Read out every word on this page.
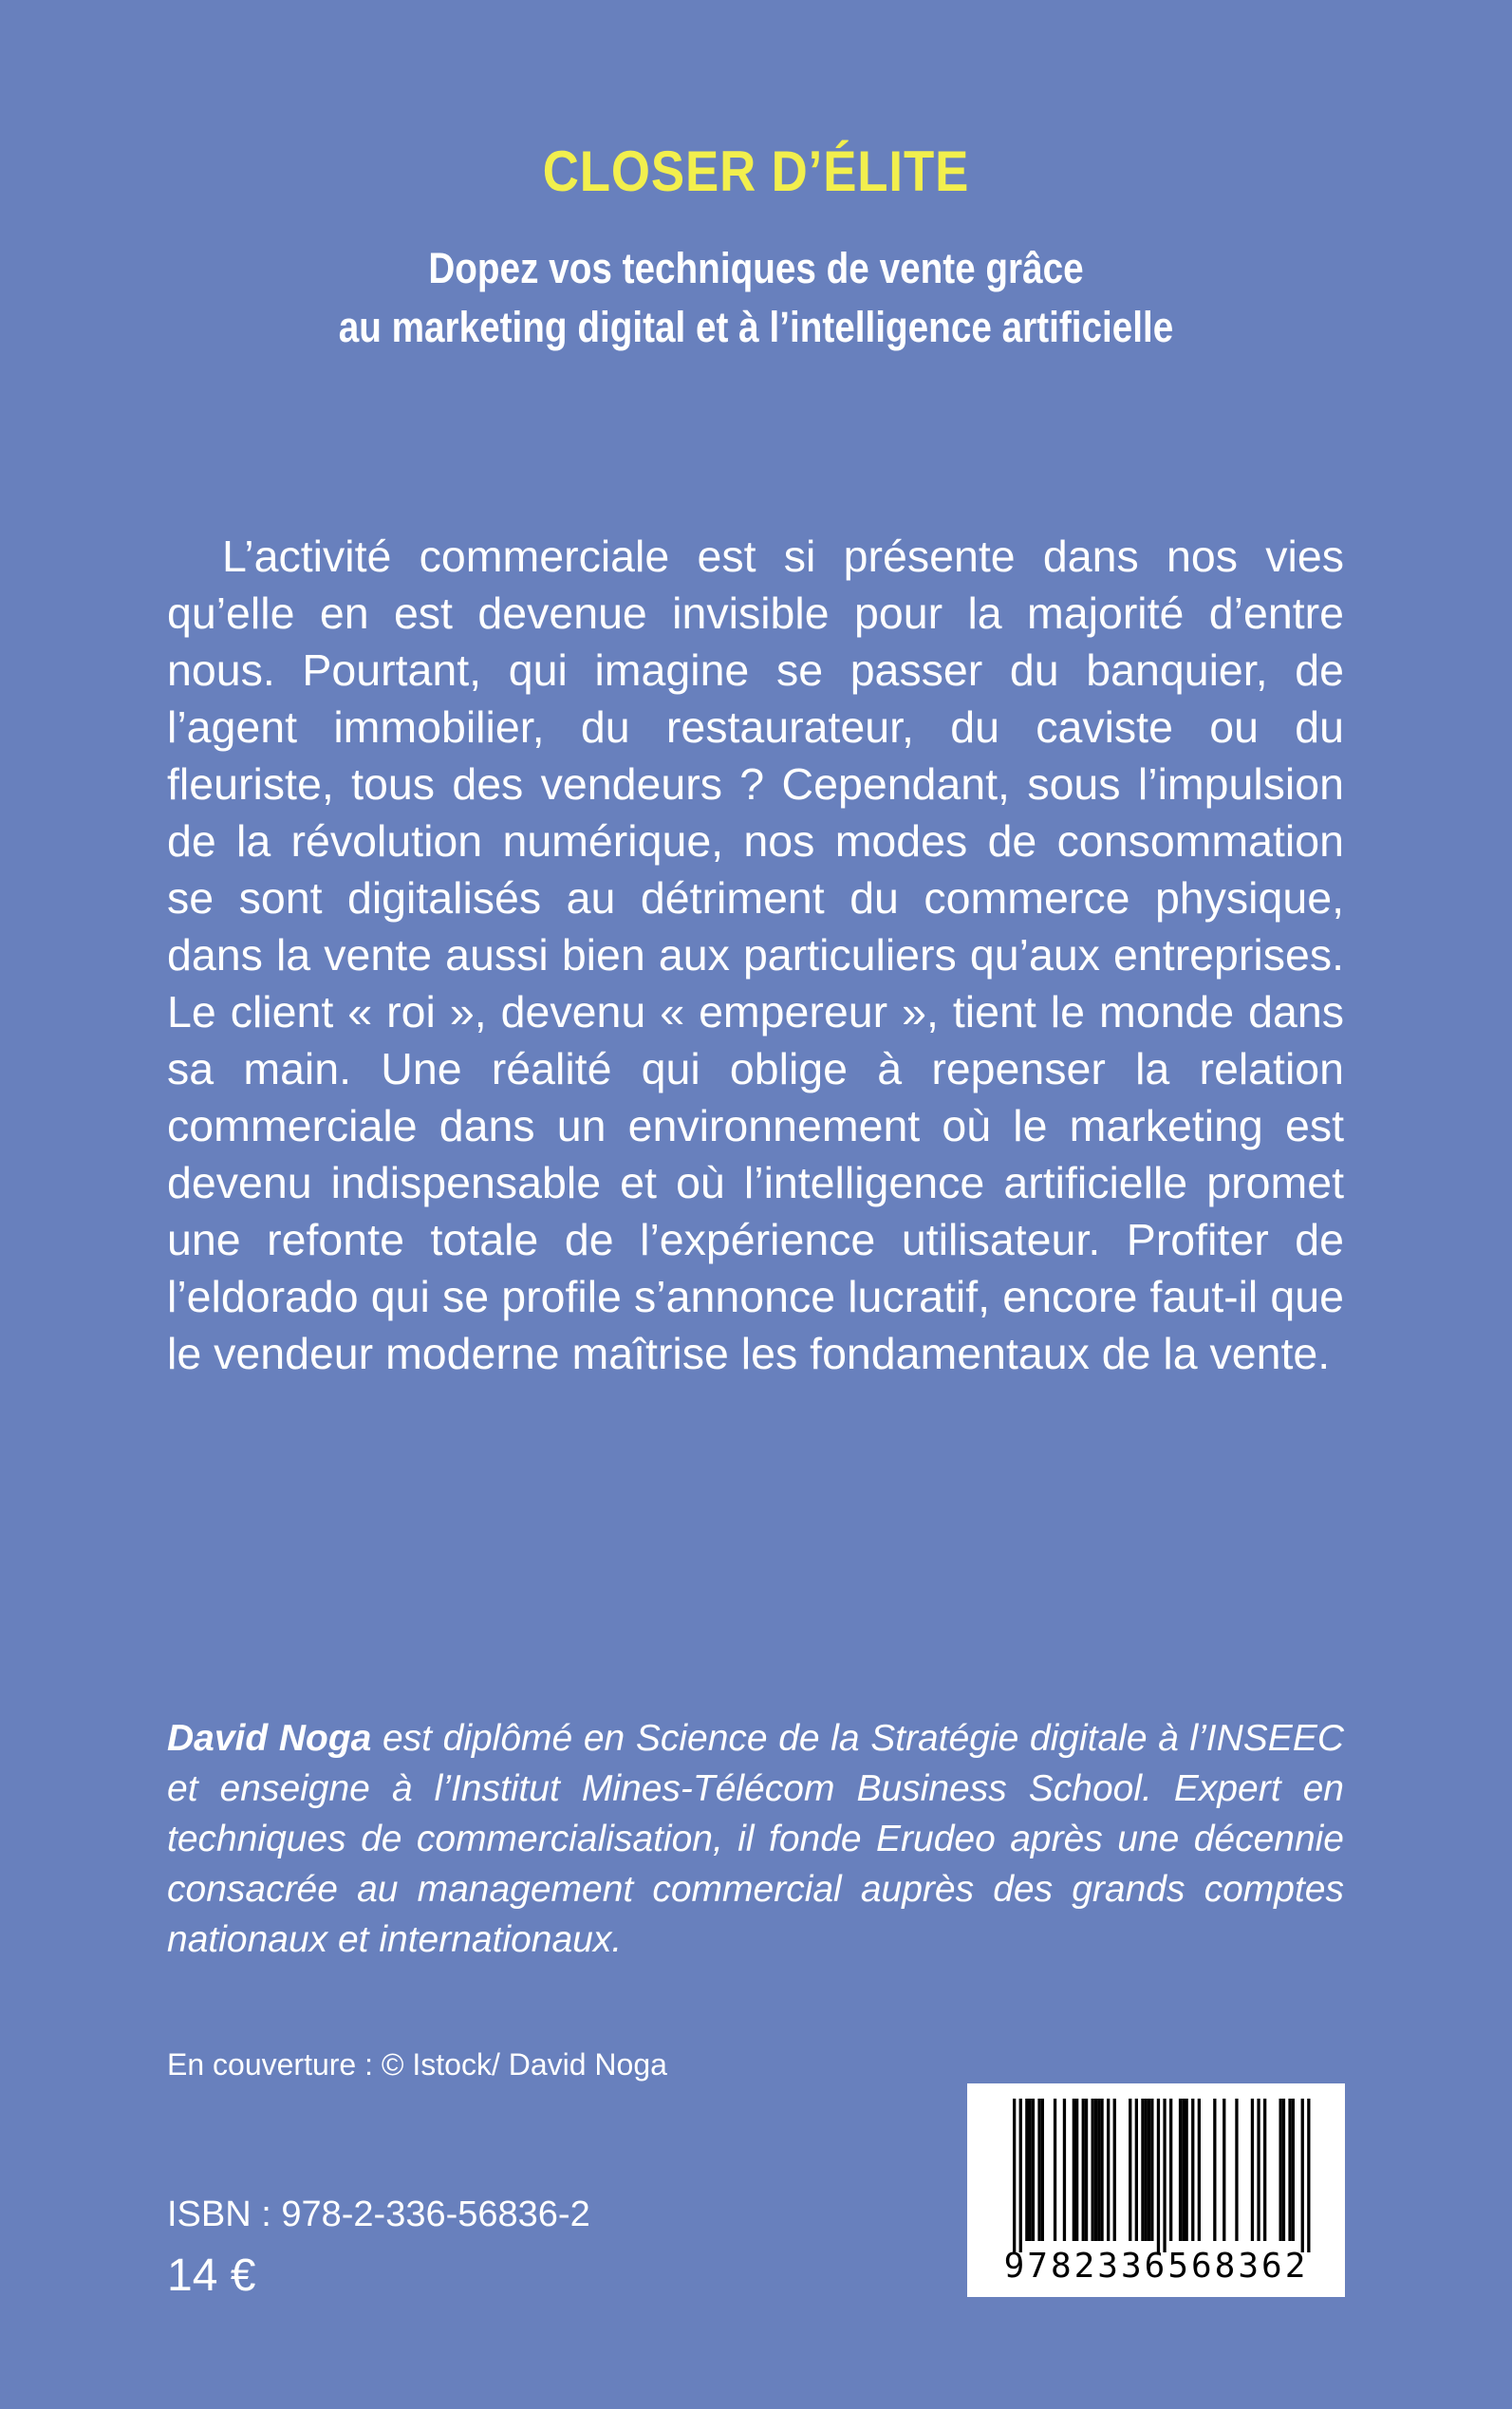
CLOSER D’ÉLITE
Dopez vos techniques de vente grâce
au marketing digital et à l’intelligence artificielle
L’activité commerciale est si présente dans nos vies qu’elle en est devenue invisible pour la majorité d’entre nous. Pourtant, qui imagine se passer du banquier, de l’agent immobilier, du restaurateur, du caviste ou du fleuriste, tous des vendeurs ? Cependant, sous l’impulsion de la révolution numérique, nos modes de consommation se sont digitalisés au détriment du commerce physique, dans la vente aussi bien aux particuliers qu’aux entreprises. Le client « roi », devenu « empereur », tient le monde dans sa main. Une réalité qui oblige à repenser la relation commerciale dans un environnement où le marketing est devenu indispensable et où l’intelligence artificielle promet une refonte totale de l’expérience utilisateur. Profiter de l’eldorado qui se profile s’annonce lucratif, encore faut-il que le vendeur moderne maîtrise les fondamentaux de la vente.
David Noga est diplômé en Science de la Stratégie digitale à l’INSEEC et enseigne à l’Institut Mines-Télécom Business School. Expert en techniques de commercialisation, il fonde Erudeo après une décennie consacrée au management commercial auprès des grands comptes nationaux et internationaux.
En couverture : © Istock/ David Noga
ISBN : 978-2-336-56836-2
14 €	9782336568362
